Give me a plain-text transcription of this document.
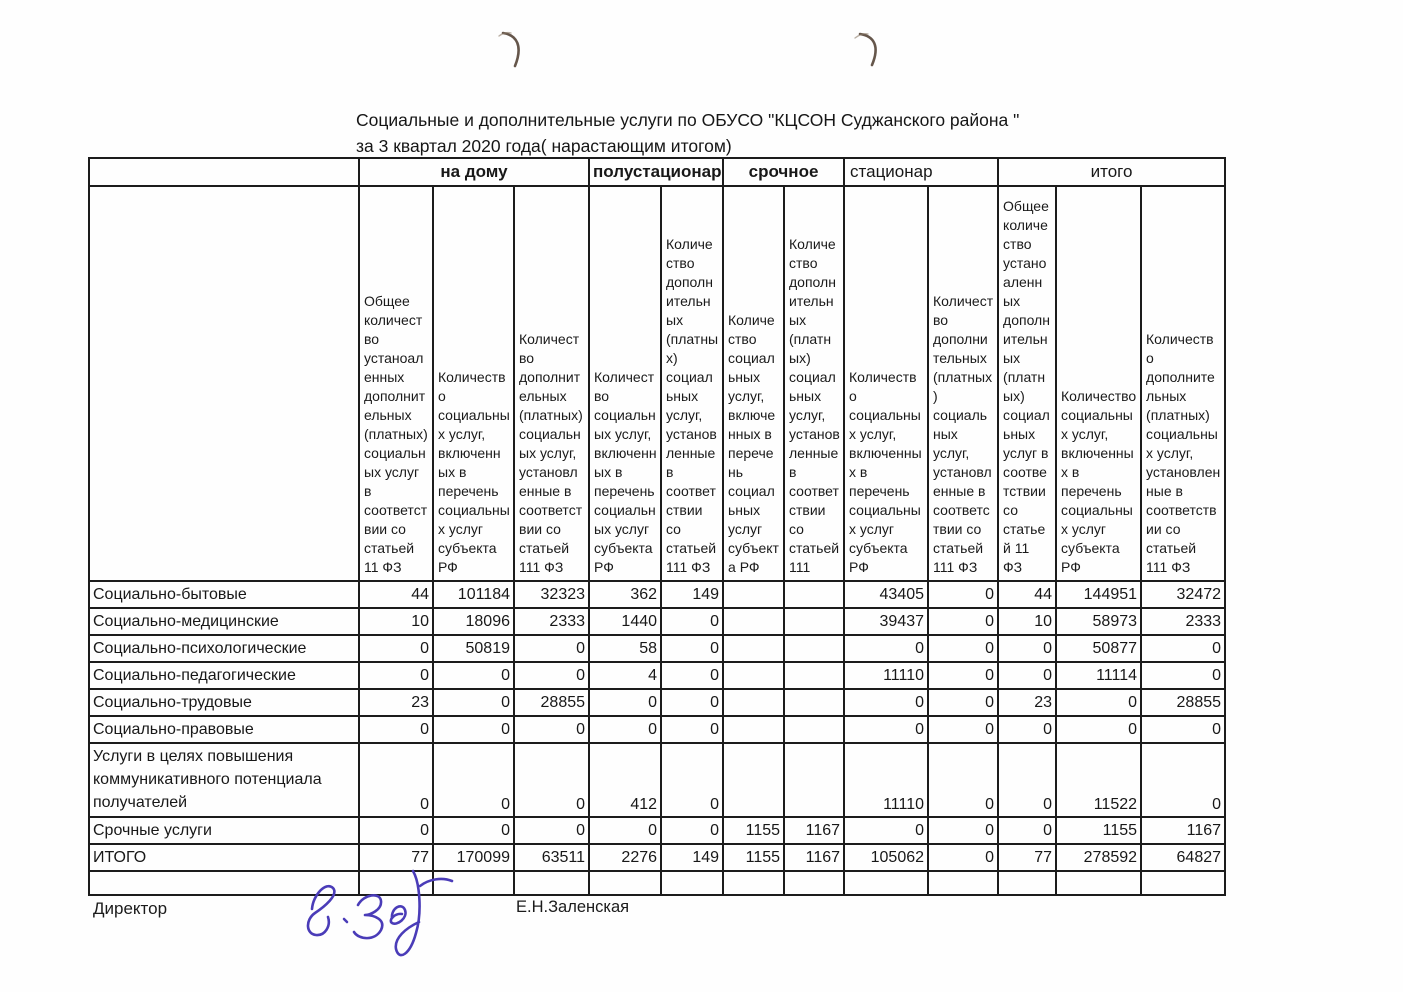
Социальные и дополнительные услуги по ОБУСО "КЦСОН Суджанского района "
за 3 квартал 2020 года( нарастающим итогом)
	на дому			полустационар		срочное		стационар		итого		
	Общее количество устаноаленных дополнительных (платных) социальных услуг в соответствии со статьей 11 ФЗ	Количество социальных услуг, включенных в перечень социальных услуг субъекта РФ	Количество дополнительных (платных) социальных услуг, установленные в соответствии со статьей 111 ФЗ	Количество социальных услуг, включенных в перечень социальных услуг субъекта РФ	Количество дополнительных (платных) социальных услуг, установленные в соответствии со статьей 111 ФЗ	Количество социальных услуг, включенных в перечень социальных услуг субъекта РФ	Количество дополнительных (платных) социальных услуг, установленные в соответствии со статьей 111	Количество социальных услуг, включенных в перечень социальных услуг субъекта РФ	Количество дополнительных (платных) социальных услуг, установленные в соответствии со статьей 111 ФЗ	Общее количество устаноаленных дополнительных (платных) социальных услуг в соответствии со статьей 11 ФЗ	Количество социальных услуг, включенных в перечень социальных услуг субъекта РФ	Количество дополнительных (платных) социальных услуг, установленные в соответствии со статьей 111 ФЗ
Социально-бытовые	44	101184	32323	362	149			43405	0	44	144951	32472
Социально-медицинские	10	18096	2333	1440	0			39437	0	10	58973	2333
Социально-психологические	0	50819	0	58	0			0	0	0	50877	0
Социально-педагогические	0	0	0	4	0			11110	0	0	11114	0
Социально-трудовые	23	0	28855	0	0			0	0	23	0	28855
Социально-правовые	0	0	0	0	0			0	0	0	0	0
Услуги в целях повышения коммуникативного потенциала получателей	0	0	0	412	0			11110	0	0	11522	0
Срочные услуги	0	0	0	0	0	1155	1167	0	0	0	1155	1167
ИТОГО	77	170099	63511	2276	149	1155	1167	105062	0	77	278592	64827

Директор	Е.Н.Заленская
